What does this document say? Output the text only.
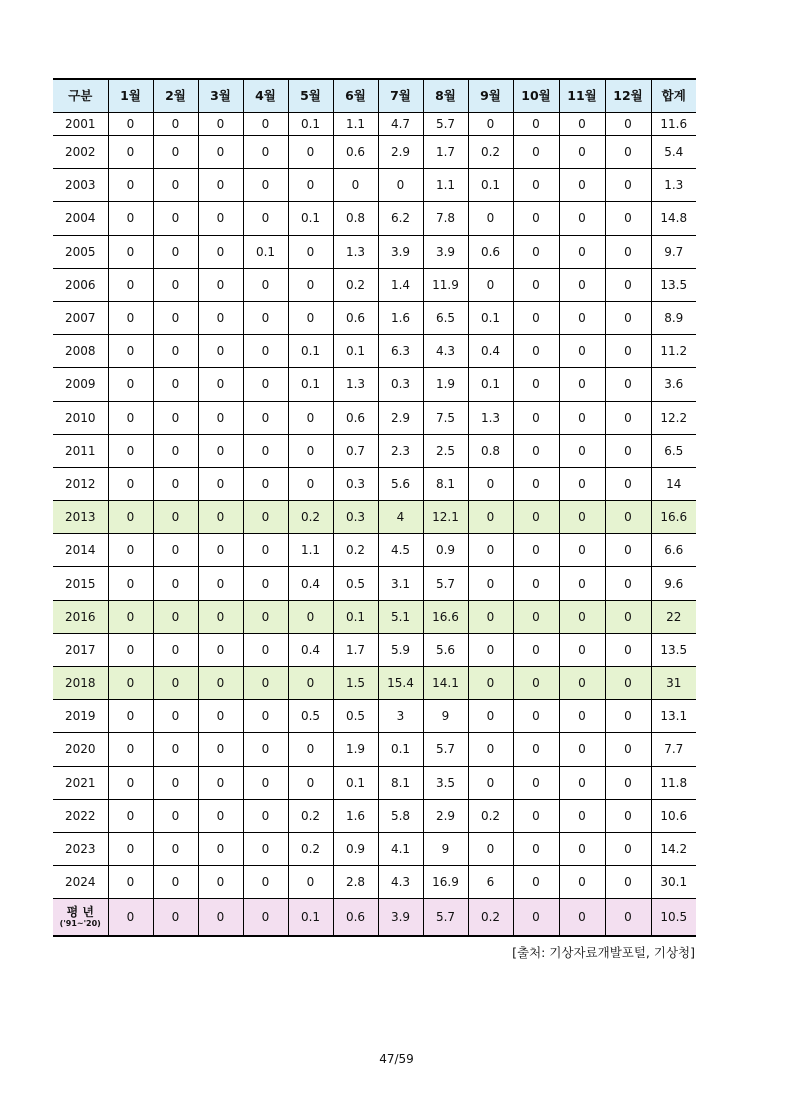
구분	1월	2월	3월	4월	5월	6월	7월	8월	9월	10월	11월	12월	합계
2001	0	0	0	0	0.1	1.1	4.7	5.7	0	0	0	0	11.6
2002	0	0	0	0	0	0.6	2.9	1.7	0.2	0	0	0	5.4
2003	0	0	0	0	0	0	0	1.1	0.1	0	0	0	1.3
2004	0	0	0	0	0.1	0.8	6.2	7.8	0	0	0	0	14.8
2005	0	0	0	0.1	0	1.3	3.9	3.9	0.6	0	0	0	9.7
2006	0	0	0	0	0	0.2	1.4	11.9	0	0	0	0	13.5
2007	0	0	0	0	0	0.6	1.6	6.5	0.1	0	0	0	8.9
2008	0	0	0	0	0.1	0.1	6.3	4.3	0.4	0	0	0	11.2
2009	0	0	0	0	0.1	1.3	0.3	1.9	0.1	0	0	0	3.6
2010	0	0	0	0	0	0.6	2.9	7.5	1.3	0	0	0	12.2
2011	0	0	0	0	0	0.7	2.3	2.5	0.8	0	0	0	6.5
2012	0	0	0	0	0	0.3	5.6	8.1	0	0	0	0	14
2013	0	0	0	0	0.2	0.3	4	12.1	0	0	0	0	16.6
2014	0	0	0	0	1.1	0.2	4.5	0.9	0	0	0	0	6.6
2015	0	0	0	0	0.4	0.5	3.1	5.7	0	0	0	0	9.6
2016	0	0	0	0	0	0.1	5.1	16.6	0	0	0	0	22
2017	0	0	0	0	0.4	1.7	5.9	5.6	0	0	0	0	13.5
2018	0	0	0	0	0	1.5	15.4	14.1	0	0	0	0	31
2019	0	0	0	0	0.5	0.5	3	9	0	0	0	0	13.1
2020	0	0	0	0	0	1.9	0.1	5.7	0	0	0	0	7.7
2021	0	0	0	0	0	0.1	8.1	3.5	0	0	0	0	11.8
2022	0	0	0	0	0.2	1.6	5.8	2.9	0.2	0	0	0	10.6
2023	0	0	0	0	0.2	0.9	4.1	9	0	0	0	0	14.2
2024	0	0	0	0	0	2.8	4.3	16.9	6	0	0	0	30.1

평 년
('91~'20)	0	0	0	0	0.1	0.6	3.9	5.7	0.2	0	0	0	10.5
[출처: 기상자료개발포털, 기상청]
47/59
